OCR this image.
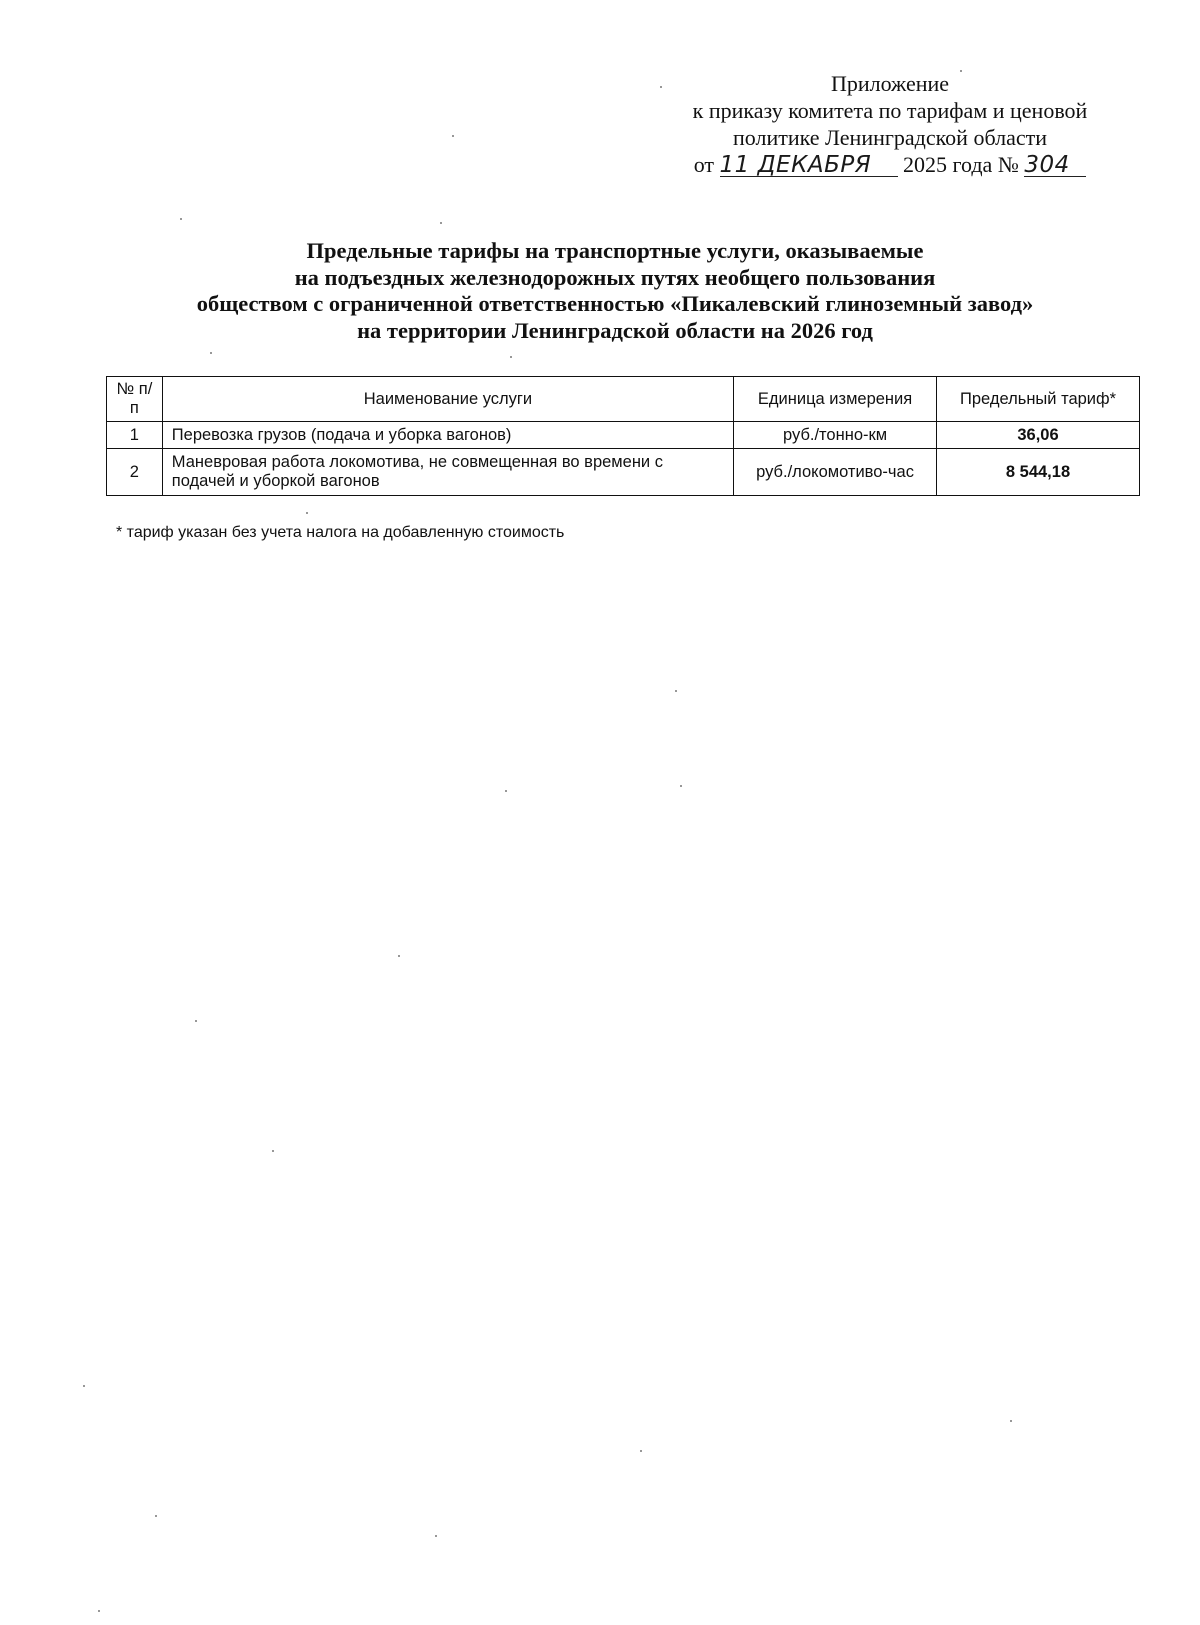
Приложение
к приказу комитета по тарифам и ценовой
политике Ленинградской области
от 11 ДЕКАБРЯ 2025 года № 304
Предельные тарифы на транспортные услуги, оказываемые
на подъездных железнодорожных путях необщего пользования
обществом с ограниченной ответственностью «Пикалевский глиноземный завод»
на территории Ленинградской области на 2026 год
№ п/п	Наименование услуги	Единица измерения	Предельный тариф*
1	Перевозка грузов (подача и уборка вагонов)	руб./тонно-км	36,06
2	Маневровая работа локомотива, не совмещенная во времени с подачей и уборкой вагонов	руб./локомотиво-час	8 544,18
* тариф указан без учета налога на добавленную стоимость
